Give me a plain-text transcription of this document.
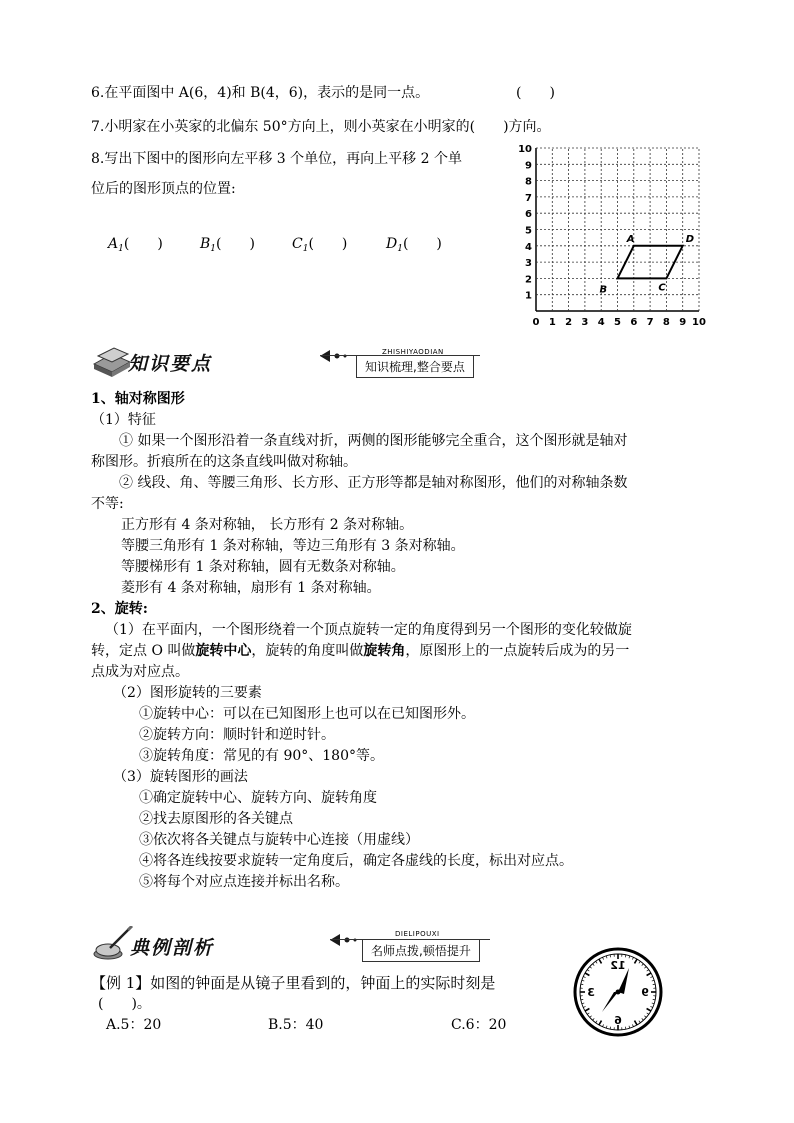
6.在平面图中 A(6，4)和 B(4，6)，表示的是同一点。	(　　)
7.小明家在小英家的北偏东 50°方向上，则小英家在小明家的(　　)方向。
8.写出下图中的图形向左平移 3 个单位，再向上平移 2 个单
位后的图形顶点的位置:
$A_1$(　　)	$B_1$(　　)	$C_1$(　　)	$D_1$(　　)
0 1 2 3 4 5 6 7 8 9 10
1
2
3
4
5
6
7
8
9
10
A
B	C
D
知识要点
ZHISHIYAODIAN
知识梳理,整合要点
1、轴对称图形
（1）特征
① 如果一个图形沿着一条直线对折，两侧的图形能够完全重合，这个图形就是轴对
称图形。折痕所在的这条直线叫做对称轴。
② 线段、角、等腰三角形、长方形、正方形等都是轴对称图形，他们的对称轴条数
不等:
正方形有 4 条对称轴， 长方形有 2 条对称轴。
等腰三角形有 1 条对称轴，等边三角形有 3 条对称轴。
等腰梯形有 1 条对称轴，圆有无数条对称轴。
菱形有 4 条对称轴，扇形有 1 条对称轴。
2、旋转:
（1）在平面内，一个图形绕着一个顶点旋转一定的角度得到另一个图形的变化较做旋
转，定点 O 叫做旋转中心，旋转的角度叫做旋转角，原图形上的一点旋转后成为的另一
点成为对应点。
（2）图形旋转的三要素
①旋转中心：可以在已知图形上也可以在已知图形外。
②旋转方向：顺时针和逆时针。
③旋转角度：常见的有 90°、180°等。
（3）旋转图形的画法
①确定旋转中心、旋转方向、旋转角度
②找去原图形的各关键点
③依次将各关键点与旋转中心连接（用虚线）
④将各连线按要求旋转一定角度后，确定各虚线的长度，标出对应点。
⑤将每个对应点连接并标出名称。
典例剖析
DIELIPOUXI
名师点拨,顿悟提升
【例 1】如图的钟面是从镜子里看到的，钟面上的实际时刻是
(　　)。
A.5：20	B.5：40	C.6：20
12
3
6
9
